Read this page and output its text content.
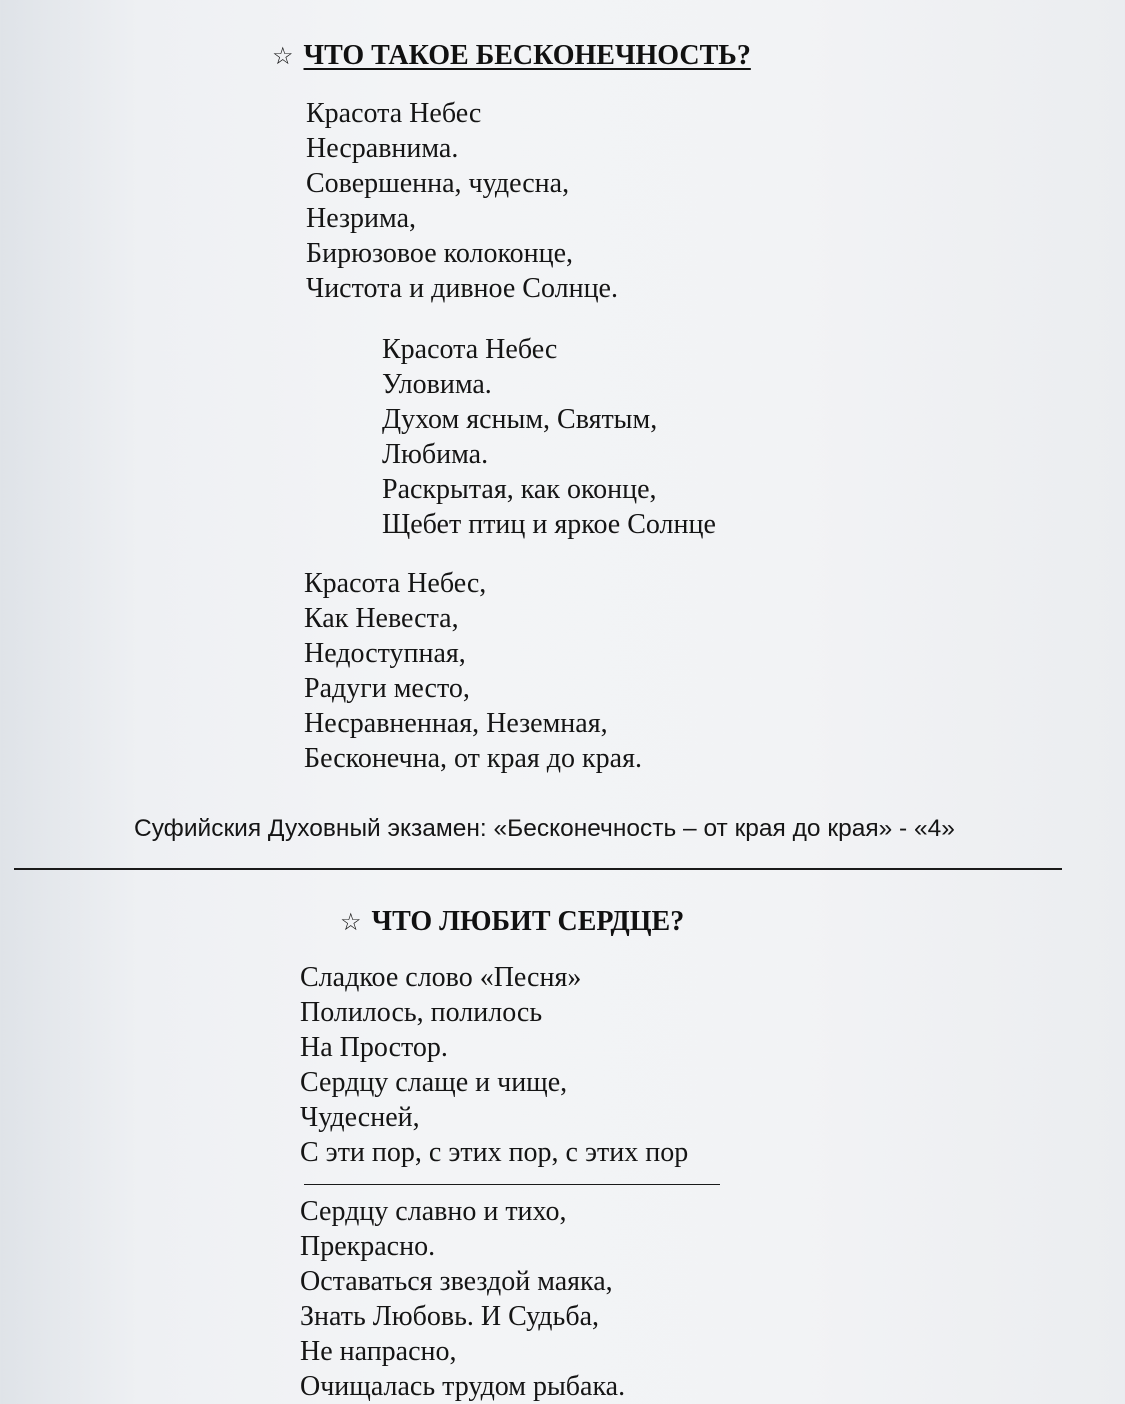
☆ ЧТО ТАКОЕ БЕСКОНЕЧНОСТЬ?
Красота Небес
Несравнима.
Совершенна, чудесна,
Незрима,
Бирюзовое колоконце,
Чистота и дивное Солнце.
Красота Небес
Уловима.
Духом ясным, Святым,
Любима.
Раскрытая, как оконце,
Щебет птиц и яркое Солнце
Красота Небес,
Как Невеста,
Недоступная,
Радуги место,
Несравненная, Неземная,
Бесконечна, от края до края.
Суфийския Духовный экзамен: «Бесконечность – от края до края» - «4»
☆ ЧТО ЛЮБИТ СЕРДЦЕ?
Сладкое слово «Песня»
Полилось, полилось
На Простор.
Сердцу слаще и чище,
Чудесней,
С эти пор, с этих пор, с этих пор
Сердцу славно и тихо,
Прекрасно.
Оставаться звездой маяка,
Знать Любовь. И Судьба,
Не напрасно,
Очищалась трудом рыбака.
